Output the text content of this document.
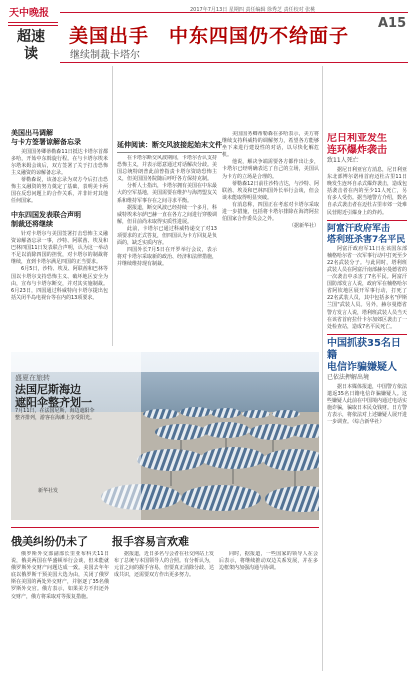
天中晚报
超速读
2017年7月13日 星期四 责任编辑 徐秀芝 责任校对 张桃
A15
美国出手　中东四国仍不给面子
继续制裁卡塔尔
美国出马调解
与卡方签署谅解备忘录

美国国务卿蒂勒森11日抵达卡塔尔首都多哈，开始中东斡旋行程。在与卡塔尔埃米尔塔米姆会谈后，双方签署了关于打击恐怖主义融资的谅解备忘录。

蒂勒森说，该备忘录为双方今后打击恐怖主义融资的努力奠定了基础，表明美卡两国在反恐问题上的合作关系，并非针对其他任何国家。

中东四国发表联合声明
制裁还将继续

针对卡塔尔与美国签署打击恐怖主义融资谅解备忘录一事，沙特、阿联酋、埃及和巴林四国11日发表联合声明，认为这一举动不足以消除四国的担忧，对卡塔尔的制裁将继续，直到卡塔尔满足四国的正当要求。

6月5日，沙特、埃及、阿联酋和巴林等国以卡塔尔支持恐怖主义、破坏地区安全为由，宣布与卡塔尔断交，并对其实施制裁。6月23日，四国通过科威特向卡塔尔提出包括关闭半岛电视台等在内的13项要求。

延伸阅读：断交风波接起始末文件

在卡塔尔断交风波期间，卡塔尔否认支持恐怖主义，并表示愿意通过对话解决分歧。美国总统特朗普此前曾指责卡塔尔资助恐怖主义，但美国国务院随后呼吁各方保持克制。

分析人士指出，卡塔尔拥有美国在中东最大的空军基地，美国需要在维护与海湾盟友关系和维持军事存在之间寻求平衡。

据报道，断交风波已经持续一个多月，科威特埃米尔萨巴赫一直在各方之间进行穿梭调解，但目前尚未取得实质性进展。

此前，卡塔尔已通过科威特递交了对13项要求的正式答复，但四国认为卡方回复是负面的，缺乏实质内容。

四国外长7月5日在开罗举行会议，表示将对卡塔尔采取新的政治、经济和法律措施，并继续维持现有制裁。

美国国务卿蒂勒森在多哈表示，美方将继续支持科威特的调解努力，希望各方能够坐下来进行建设性的对话，以尽快化解危机。

他说，解决争端需要各方都作出让步，卡塔尔已经明确表达了自己的立场，美国认为卡方的立场是合理的。

蒂勒森12日前往沙特吉达，与沙特、阿联酋、埃及和巴林四国外长举行会谈，但会谈未能取得明显突破。

有消息称，四国正在考虑对卡塔尔采取进一步措施，包括将卡塔尔排除在海湾阿拉伯国家合作委员会之外。

（据新华社）

尼日利亚发生
连环爆炸袭击
致11人死亡

据尼日利亚官方消息，尼日利亚东北部博尔诺州首府迈杜古里11日晚发生连环自杀式爆炸袭击，造成包括袭击者在内的至少11人死亡，另有多人受伤。据当地警方介绍，数名自杀式袭击者在迈杜古里市郊一处难民营附近引爆身上的炸药。

阿富汗政府军击
塔利班杀害7名平民

阿富汗政府军11日在该国东部楠格哈尔省一次军事行动中打死至少22名武装分子。与此同时，塔利班武装人员在阿富汗南部赫尔曼德省的一次袭击中杀害了7名平民。阿富汗国防部发言人说，政府军在楠格哈尔省阿钦地区展开军事行动，打死了22名武装人员，其中包括多名"伊斯兰国"武装人员。另外，赫尔曼德省警方发言人说，塔利班武装人员当天在该省首府拉什卡尔加郊区袭击了一处检查站，造成7名平民死亡。

中国抓获35名日籍
电信诈骗嫌疑人
已依法押解出境

据日本媒体报道，中国警方依法遣返35名日籍电信诈骗嫌疑人。这些嫌疑人此前在中国境内通过电话实施诈骗，骗取日本民众钱财。日方警方表示，将依法对上述嫌疑人展开进一步调查。（综合新华社）

盛夏在旅转
法国尼斯海边
遮阳伞整齐划一
7月11日，在法国尼斯，海边遮阳伞整齐排列，游客在海滩上享受阳光。
新华社发
俄美纠纷仍未了 报手容易言欢难

俄罗斯外交部副部长里亚布科夫11日说，俄美两国在华盛顿举行会谈，但未能就俄罗斯外交财产问题达成一致。美国去年年底以俄罗斯干预美国大选为由，关闭了俄罗斯在美国的两处外交财产，并驱逐了35名俄罗斯外交官。俄方表示，如果美方不归还外交财产，俄方将采取对等报复措施。

据报道，近日多名与会者在社交网站上发布了总统与本国领导人的合照。有分析认为，元首之间的握手容易，但要真正消除分歧、达成共识，还需要双方作出更多努力。

同时，据报道，一些国家的领导人在会后表示，将继续推动双边关系发展，并在多边框架内加强沟通与协调。
